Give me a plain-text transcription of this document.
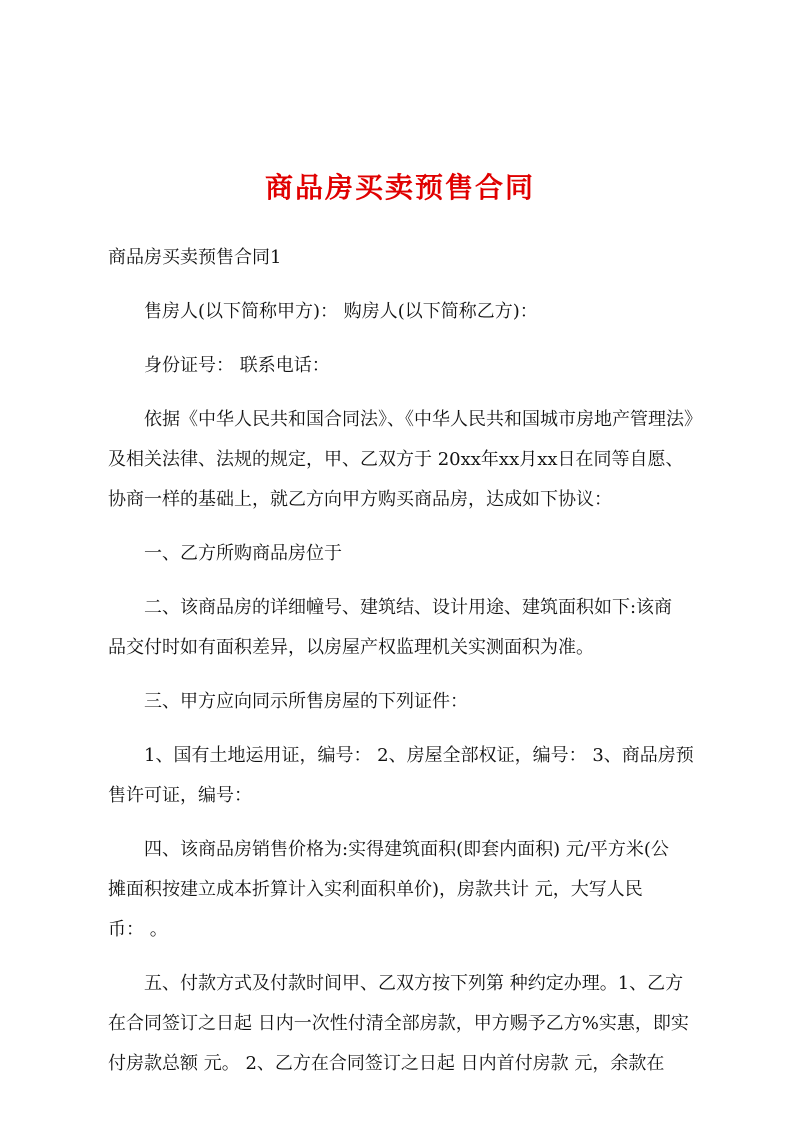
商品房买卖预售合同
商品房买卖预售合同1
售房人(以下简称甲方)： 购房人(以下简称乙方)：
身份证号： 联系电话：
依据《中华人民共和国合同法》、《中华人民共和国城市房地产管理法》
及相关法律、法规的规定，甲、乙双方于 20xx年xx月xx日在同等自愿、
协商一样的基础上，就乙方向甲方购买商品房，达成如下协议：
一、乙方所购商品房位于
二、该商品房的详细幢号、建筑结、设计用途、建筑面积如下:该商
品交付时如有面积差异，以房屋产权监理机关实测面积为准。
三、甲方应向同示所售房屋的下列证件：
1、国有土地运用证，编号： 2、房屋全部权证，编号： 3、商品房预
售许可证，编号：
四、该商品房销售价格为:实得建筑面积(即套内面积) 元/平方米(公
摊面积按建立成本折算计入实利面积单价)，房款共计 元，大写人民
币： 。
五、付款方式及付款时间甲、乙双方按下列第 种约定办理。1、乙方
在合同签订之日起 日内一次性付清全部房款，甲方赐予乙方%实惠，即实
付房款总额 元。 2、乙方在合同签订之日起 日内首付房款 元，余款在
